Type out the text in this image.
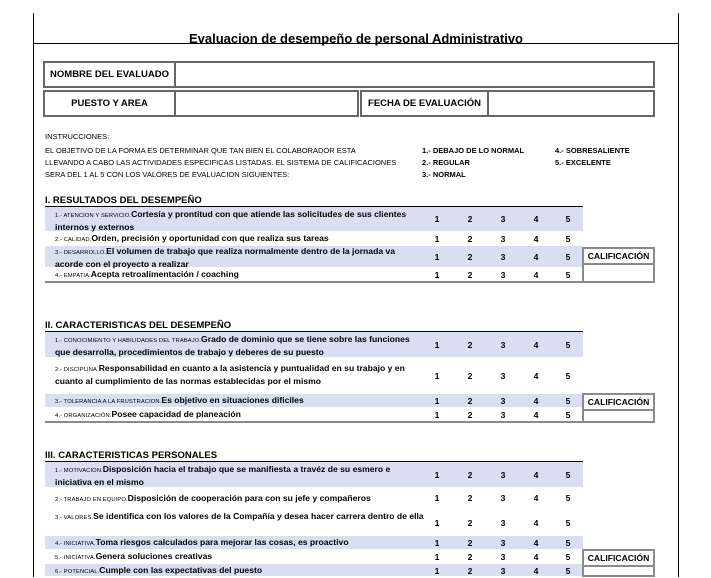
Evaluacion de desempeño de personal Administrativo
NOMBRE DEL EVALUADO
PUESTO Y AREA	FECHA DE EVALUACIÓN
INSTRUCCIONES:
EL OBJETIVO DE LA FORMA ES DETERMINAR QUE TAN BIEN EL COLABORADOR ESTA
LLEVANDO A CABO LAS ACTIVIDADES ESPECIFICAS LISTADAS. EL SISTEMA DE CALIFICACIONES
SERA DEL 1 AL 5 CON LOS VALORES DE EVALUACION SIGUIENTES:
1.- DEBAJO DE LO NORMAL
2.- REGULAR
3.- NORMAL
4.- SOBRESALIENTE
5.- EXCELENTE
I. RESULTADOS DEL DESEMPEÑO
1.- ATENCION Y SERVICIO.Cortesía y prontitud con que atiende las solicitudes de sus clientes internos y externos
1	2	3	4	5
2.- CALIDAD.Orden, precisión y oportunidad con que realiza sus tareas	1	2	3	4	5
3.- DESARROLLO.El volumen de trabajo que realiza normalmente dentro de la jornada va acorde con el proyecto a realizar
1	2	3	4	5
4.- EMPATIA.Acepta retroalimentación / coaching	1	2	3	4	5
CALIFICACIÓN
II. CARACTERISTICAS DEL DESEMPEÑO
1.- CONOCIMIENTO Y HABILIDADES DEL TRABAJO.Grado de dominio que se tiene sobre las funciones que desarrolla, procedimientos de trabajo y deberes de su puesto
1	2	3	4	5
2.- DISCIPLINA.Responsabilidad en cuanto a la asistencia y puntualidad en su trabajo y en cuanto al cumplimiento de las normas establecidas por el mismo	1	2	3	4	5
3.- TOLERANCIA A LA FRUSTRACION.Es objetivo en situaciones dificiles	1	2	3	4	5
4.- ORGANIZACIÓN.Posee capacidad de planeación	1	2	3	4	5
CALIFICACIÓN
III. CARACTERISTICAS PERSONALES
1.- MOTIVACION.Disposición hacia el trabajo que se manifiesta a travéz de su esmero e iniciativa en el mismo
1	2	3	4	5
2.- TRABAJO EN EQUIPO.Disposición de cooperación para con su jefe y compañeros	1	2	3	4	5
3.- VALORES.Se identifica con los valores de la Compañía y desea hacer carrera dentro de ella
1	2	3	4	5
4.- INICIATIVA.Toma riesgos calculados para mejorar las cosas, es proactivo	1	2	3	4	5
5.- INICIATIVA.Genera soluciones creativas	1	2	3	4	5
6.- POTENCIAL.Cumple con las expectativas del puesto	1	2	3	4	5
CALIFICACIÓN
